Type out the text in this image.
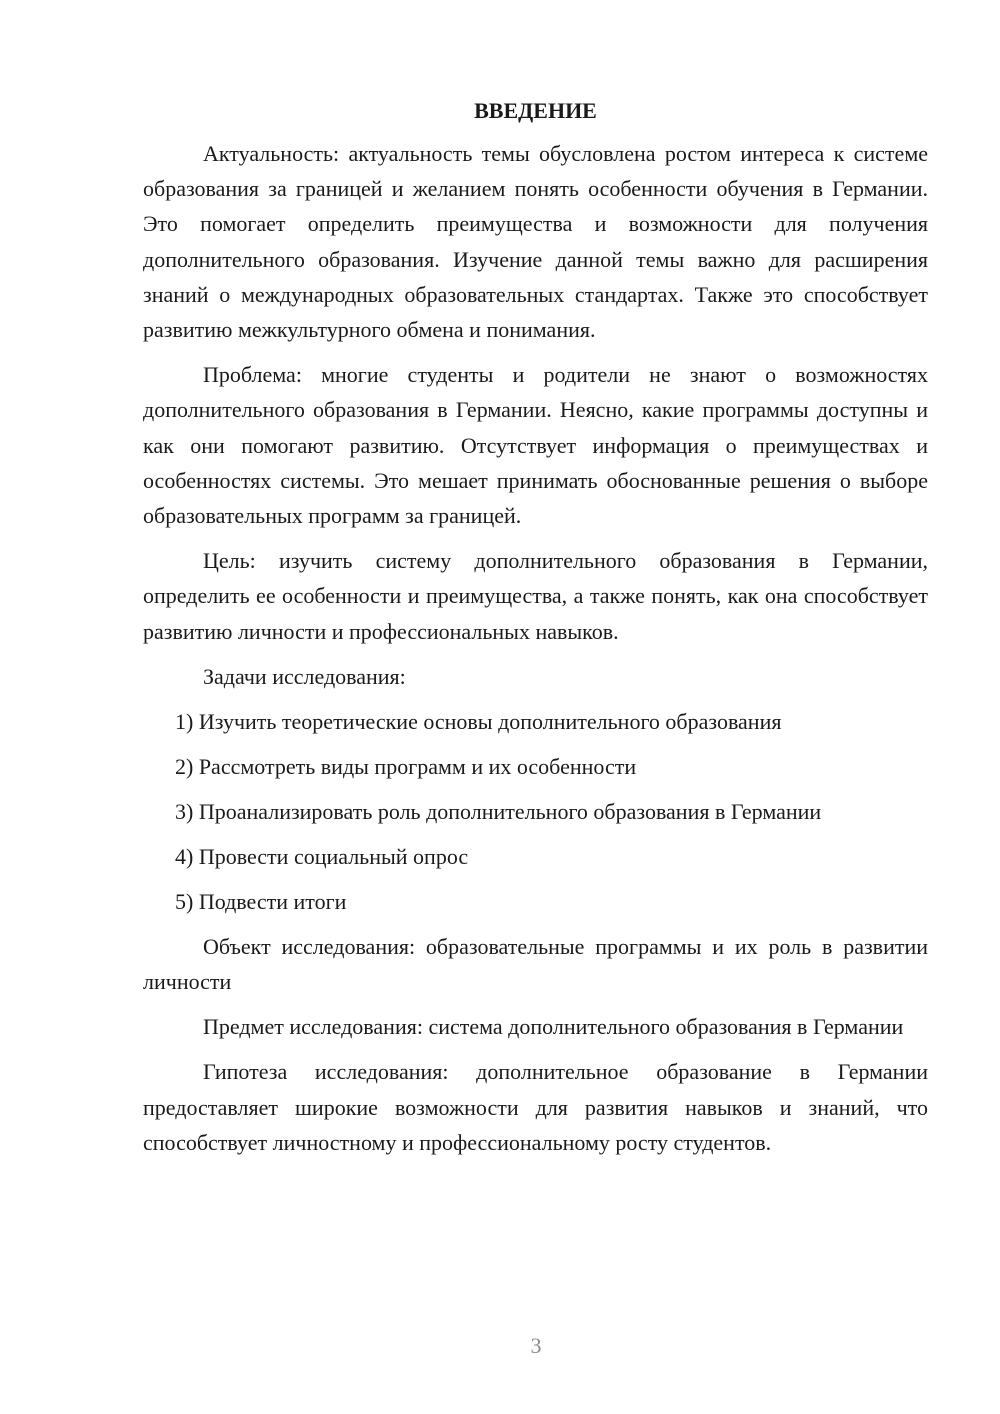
ВВЕДЕНИЕ

Актуальность: актуальность темы обусловлена ростом интереса к системе образования за границей и желанием понять особенности обучения в Германии. Это помогает определить преимущества и возможности для получения дополнительного образования. Изучение данной темы важно для расширения знаний о международных образовательных стандартах. Также это способствует развитию межкультурного обмена и понимания.

Проблема: многие студенты и родители не знают о возможностях дополнительного образования в Германии. Неясно, какие программы доступны и как они помогают развитию. Отсутствует информация о преимуществах и особенностях системы. Это мешает принимать обоснованные решения о выборе образовательных программ за границей.

Цель: изучить систему дополнительного образования в Германии, определить ее особенности и преимущества, а также понять, как она способствует развитию личности и профессиональных навыков.

Задачи исследования:

1) Изучить теоретические основы дополнительного образования
2) Рассмотреть виды программ и их особенности
3) Проанализировать роль дополнительного образования в Германии
4) Провести социальный опрос
5) Подвести итоги

Объект исследования: образовательные программы и их роль в развитии личности

Предмет исследования: система дополнительного образования в Германии

Гипотеза исследования: дополнительное образование в Германии предоставляет широкие возможности для развития навыков и знаний, что способствует личностному и профессиональному росту студентов.

3
